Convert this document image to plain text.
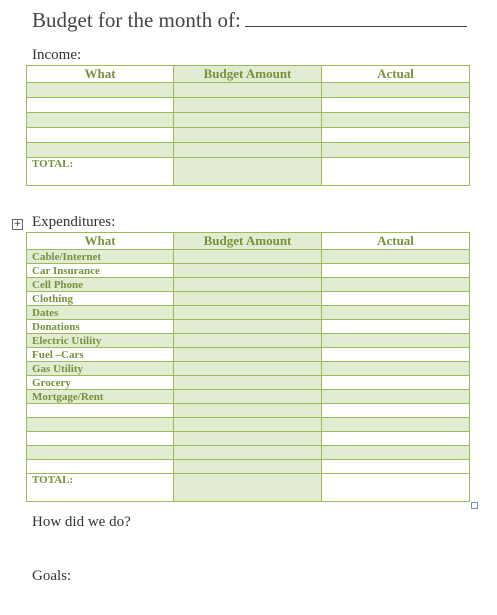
Budget for the month of:
Income:
What	Budget Amount	Actual

TOTAL:		
+ Expenditures:
What	Budget Amount	Actual
Cable/Internet		
Car Insurance		
Cell Phone		
Clothing		
Dates		
Donations		
Electric Utility		
Fuel –Cars		
Gas Utility		
Grocery		
Mortgage/Rent		

TOTAL:		
How did we do?
Goals:
